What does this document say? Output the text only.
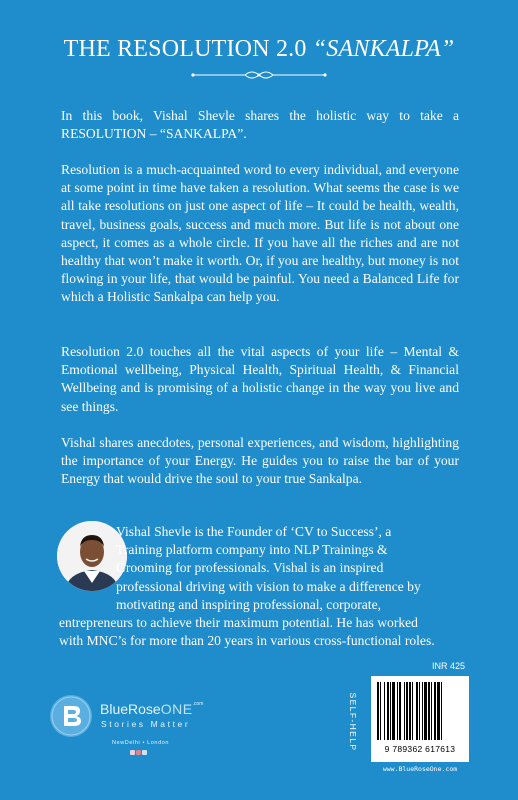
THE RESOLUTION 2.0 “SANKALPA”

In this book, Vishal Shevle shares the holistic way to take a RESOLUTION – “SANKALPA”.

Resolution is a much-acquainted word to every individual, and everyone at some point in time have taken a resolution. What seems the case is we all take resolutions on just one aspect of life – It could be health, wealth, travel, business goals, success and much more. But life is not about one aspect, it comes as a whole circle. If you have all the riches and are not healthy that won’t make it worth. Or, if you are healthy, but money is not flowing in your life, that would be painful. You need a Balanced Life for which a Holistic Sankalpa can help you.

Resolution 2.0 touches all the vital aspects of your life – Mental & Emotional wellbeing, Physical Health, Spiritual Health, & Financial Wellbeing and is promising of a holistic change in the way you live and see things.

Vishal shares anecdotes, personal experiences, and wisdom, highlighting the importance of your Energy. He guides you to raise the bar of your Energy that would drive the soul to your true Sankalpa.

Vishal Shevle is the Founder of ‘CV to Success’, a
Training platform company into NLP Trainings &
Grooming for professionals. Vishal is an inspired
professional driving with vision to make a difference by
motivating and inspiring professional, corporate,
entrepreneurs to achieve their maximum potential. He has worked
with MNC’s for more than 20 years in various cross-functional roles.
INR 425
SELF-HELP	9 789362 617613
www.BlueRoseOne.com
BlueRoseONE$^{.com}$
Stories Matter
NewDelhi • London
